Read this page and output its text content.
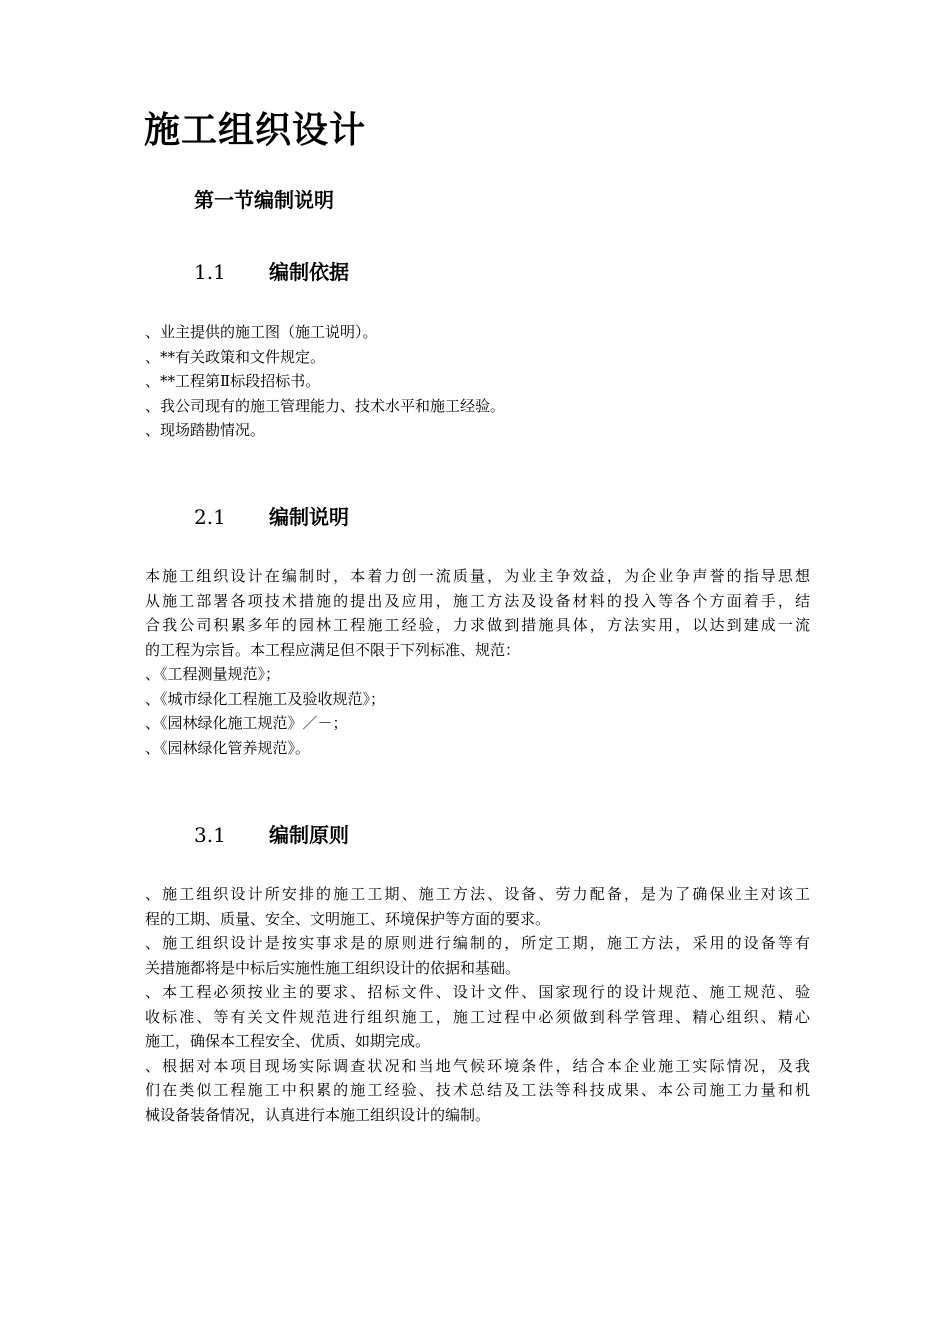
施工组织设计
第一节编制说明
1.1 编制依据
、业主提供的施工图（施工说明）。
、**有关政策和文件规定。
、**工程第Ⅱ标段招标书。
、我公司现有的施工管理能力、技术水平和施工经验。
、现场踏勘情况。
2.1 编制说明
本施工组织设计在编制时，本着力创一流质量，为业主争效益，为企业争声誉的指导思想
从施工部署各项技术措施的提出及应用，施工方法及设备材料的投入等各个方面着手，结
合我公司积累多年的园林工程施工经验，力求做到措施具体，方法实用，以达到建成一流
的工程为宗旨。本工程应满足但不限于下列标准、规范：
、《工程测量规范》；
、《城市绿化工程施工及验收规范》；
、《园林绿化施工规范》／－；
、《园林绿化管养规范》。
3.1 编制原则
、施工组织设计所安排的施工工期、施工方法、设备、劳力配备，是为了确保业主对该工
程的工期、质量、安全、文明施工、环境保护等方面的要求。
、施工组织设计是按实事求是的原则进行编制的，所定工期，施工方法，采用的设备等有
关措施都将是中标后实施性施工组织设计的依据和基础。
、本工程必须按业主的要求、招标文件、设计文件、国家现行的设计规范、施工规范、验
收标准、等有关文件规范进行组织施工，施工过程中必须做到科学管理、精心组织、精心
施工，确保本工程安全、优质、如期完成。
、根据对本项目现场实际调查状况和当地气候环境条件，结合本企业施工实际情况，及我
们在类似工程施工中积累的施工经验、技术总结及工法等科技成果、本公司施工力量和机
械设备装备情况，认真进行本施工组织设计的编制。
